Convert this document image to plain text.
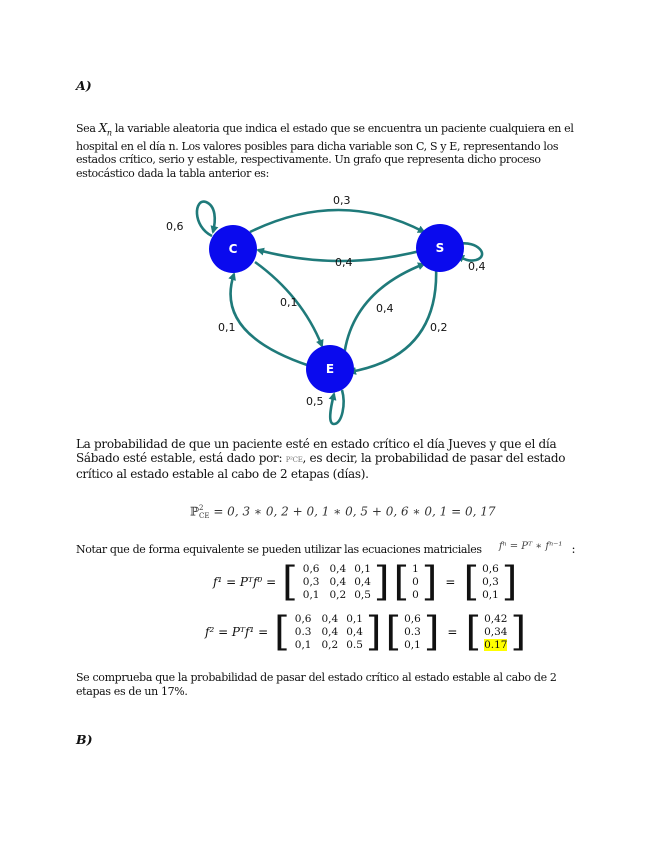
A)
Sea $X_n$ la variable aleatoria que indica el estado que se encuentra un paciente cualquiera en el
hospital en el día n. Los valores posibles para dicha variable son C, S y E, representando los
estados crítico, serio y estable, respectivamente. Un grafo que representa dicho proceso
estocástico dada la tabla anterior es:
C	S
E
0,6
0,3
0,4	0,4
0,1
0,1
0,4
0,2
0,5
La probabilidad de que un paciente esté en estado crítico el día Jueves y que el día
Sábado esté estable, está dado por: P²CE, es decir, la probabilidad de pasar del estado
crítico al estado estable al cabo de 2 etapas (días).
ℙ 2
CE = 0, 3 ∗ 0, 2 + 0, 1 ∗ 0, 5 + 0, 6 ∗ 0, 1 = 0, 17
Notar que de forma equivalente se pueden utilizar las ecuaciones matriciales $^{f^n = Pᵀ ∗ f^{n-1}}$ :
f¹ = Pᵀf⁰ = [ 0,6	0,4	0,1
0,3	0,4	0,4
0,1	0,2	0,5 ] [ 1
0
0 ] = [ 0,6
0,3
0,1 ]
f² = Pᵀf¹ = [ 0,6	0,4	0,1
0.3	0,4	0,4
0,1	0,2	0.5 ] [ 0,6
0.3
0,1 ] = [ 0,42
0,34
0.17 ]
Se comprueba que la probabilidad de pasar del estado crítico al estado estable al cabo de 2
etapas es de un 17%.
B)
